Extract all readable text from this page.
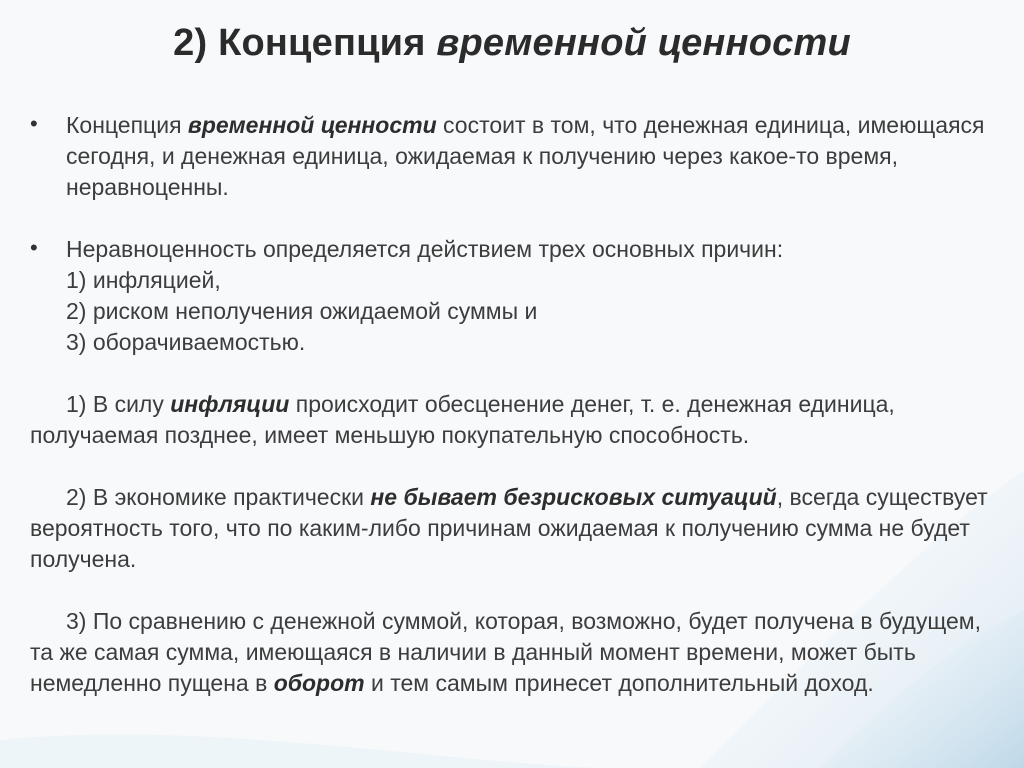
2) Концепция временной ценности
• Концепция временной ценности состоит в том, что денежная единица, имеющаяся сегодня, и денежная единица, ожидаемая к получению через какое-то время, неравноценны.
• Неравноценность определяется действием трех основных причин:
1) инфляцией,
2) риском неполучения ожидаемой суммы и
3) оборачиваемостью.
1) В силу инфляции происходит обесценение денег, т. е. денежная единица, получаемая позднее, имеет меньшую покупательную способность.
2) В экономике практически не бывает безрисковых ситуаций, всегда существует вероятность того, что по каким-либо причинам ожидаемая к получению сумма не будет получена.
3) По сравнению с денежной суммой, которая, возможно, будет получена в будущем, та же самая сумма, имеющаяся в наличии в данный момент времени, может быть немедленно пущена в оборот и тем самым принесет дополнительный доход.
